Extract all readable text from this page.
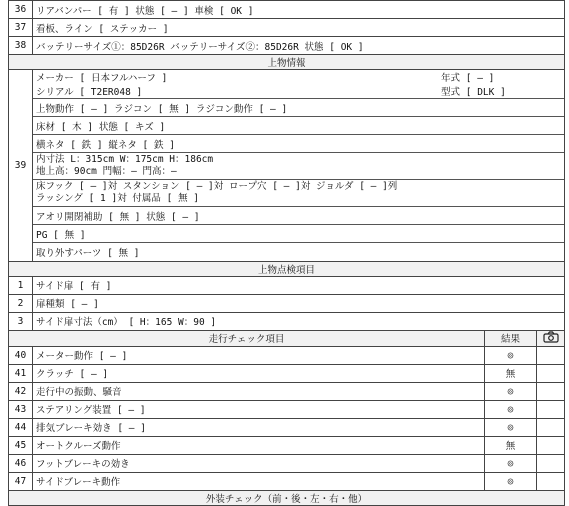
36	リアバンパー [ 有 ] 状態 [ — ] 車検 [ OK ]
37	看板、ライン [ ステッカー ]
38	バッテリーサイズ①：85D26R バッテリーサイズ②：85D26R 状態 [ OK ]
上物情報
39	
メーカー [ 日本フルハーフ ]	年式 [ — ]
シリアル [ T2ER048 ]	型式 [ DLK ]

上物動作 [ — ] ラジコン [ 無 ] ラジコン動作 [ — ]
床材 [ 木 ] 状態 [ キズ ]
横ネタ [ 鉄 ] 縦ネタ [ 鉄 ]

内寸法 L：315cm W：175cm H：186cm
地上高：90cm 門幅：— 門高：—

床フック [ — ]対 スタンション [ — ]対 ロープ穴 [ — ]対 ジョルダ [ — ]列
ラッシング [ 1 ]対 付属品 [ 無 ]

アオリ開閉補助 [ 無 ] 状態 [ — ]
PG [ 無 ]
取り外すパーツ [ 無 ]

上物点検項目
1	サイド扉 [ 有 ]
2	扉種類 [ — ]
3	サイド扉寸法（cm） [ H：165 W：90 ]
走行チェック項目	結果	
40	メーター動作 [ — ]	◎	
41	クラッチ [ — ]	無	
42	走行中の振動、騒音	◎	
43	ステアリング装置 [ — ]	◎	
44	排気ブレーキ効き [ — ]	◎	
45	オートクルーズ動作	無	
46	フットブレーキの効き	◎	
47	サイドブレーキ動作	◎	
外装チェック（前・後・左・右・他）
